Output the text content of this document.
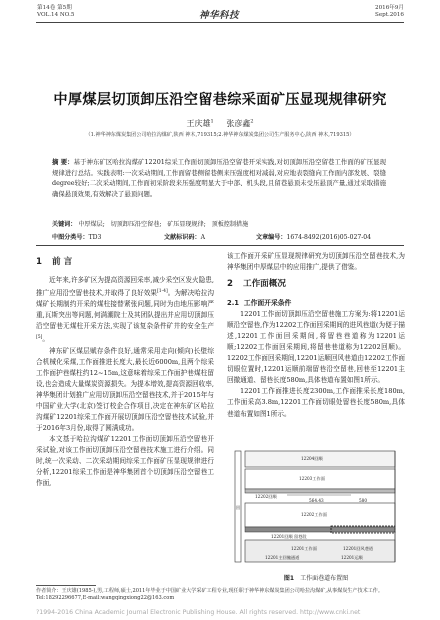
第14卷 第5期
VOL.14 NO.5	神华科技
2016年9月
Sept.2016
中厚煤层切顶卸压沿空留巷综采面矿压显现规律研究
王庆雄$^1$ 张彦鑫$^2$
（1.神华神东煤炭集团公司哈拉沟煤矿,陕西 神木,719315;2.神华神东煤炭集团公司生产服务中心,陕西 神木,719315）
摘 要：基于神东矿区哈拉沟煤矿12201综采工作面切顶卸压沿空留巷开采实践,对切顶卸压沿空留巷工作面的矿压显现规律进行总结。实践表明:一次采动期间,工作面留巷侧留巷侧来压强度相对减弱,对应地表裂缝向工作面内部发展、裂缝degree较好;二次采动期间,工作面初采阶段来压强度明显大于中部、机头段,且留巷悬顶未受压悬顶产量,通过采取措施确保悬顶效果,有效解决了悬顶问题。
关键词： 中厚煤层;   切顶卸压沿空留巷;   矿压显现规律;   顶板控制措施
中图分类号：TD3	文献标识码：A	文章编号：1674-8492(2016)05-027-04
1 前 言

近年来,许多矿区为提高资源回采率,减少采空区发火隐患,推广应用沿空留巷技术,并取得了良好效果[1-4]。为解决哈拉沟煤矿长期制约开采的煤柱接替紧张问题,同时为由地压影响严重,瓦斯突出等问题,何满潮院士及其团队提出并应用切顶卸压沿空留巷无煤柱开采方法,实现了该复杂条件矿井的安全生产[5]。

神东矿区煤层赋存条件良好,通常采用走向(倾向)长壁综合机械化采煤,工作面推进长度大,最长近6000m,且两个综采工作面护巷煤柱约12~15m,这意味着综采工作面护巷煤柱留设,也会造成大量煤炭资源损失。为提本增效,提高资源回收率,神华集团计划推广应用切顶卸压沿空留巷技术,并于2015年与中国矿业大学(北京)签订校企合作项目,决定在神东矿区哈拉沟煤矿12201综采工作面开展切顶卸压沿空留巷技术试验,并于2016年3月份,取得了圆满成功。

本文基于哈拉沟煤矿12201工作面切顶卸压沿空留巷开采试验,对该工作面切顶卸压沿空留巷技术施工进行介绍。同时,统一次采动、二次采动期间综采工作面矿压显现规律进行分析,12201综采工作面是神华集团首个切顶卸压沿空留巷工作面,

该工作面开采矿压显现规律研究为切顶卸压沿空留巷技术,为神华集团中厚煤层中的应用推广,提供了借鉴。

2 工作面概况
2.1 工作面开采条件

12201工作面切顶卸压沿空留巷施工方案为:将12201运顺沿空留巷,作为12202工作面回采期间的进风巷道(为便于描述,12201工作面回采期间,将留巷巷道称为12201运顺;12202工作面回采期间,将留巷巷道称为12202回顺)。12202工作面回采期间,12201运顺回风巷道由12202工作面切眼位置时,12201运顺前端留巷沿空留巷,回巷至12201主回撤通道、留巷长度580m,具体巷道布置如图1所示。

12201工作面推进长度2300m,工作面推采长度180m,工作面采高3.8m,12201工作面切眼处留巷长度580m,具体巷道布置如图1所示。

12204回顺
12203工作面
12202回顺
564.43	580
12202工作面
12201回顺 留巷段
12201工作面
12201主回撤通道	12201运顺
12201回风巷道
回
图1 工作面巷道布置图
作者简介：王庆雄(1985-),男,工程师,硕士,2011年毕业于中国矿业大学采矿工程专业,现任职于神华神东煤炭集团公司哈拉沟煤矿,从事煤炭生产技术工作。Tel:18292296677,E-mail:wangqingxiong22@163.com
?1994-2016 China Academic Journal Electronic Publishing House. All rights reserved. http://www.cnki.net
